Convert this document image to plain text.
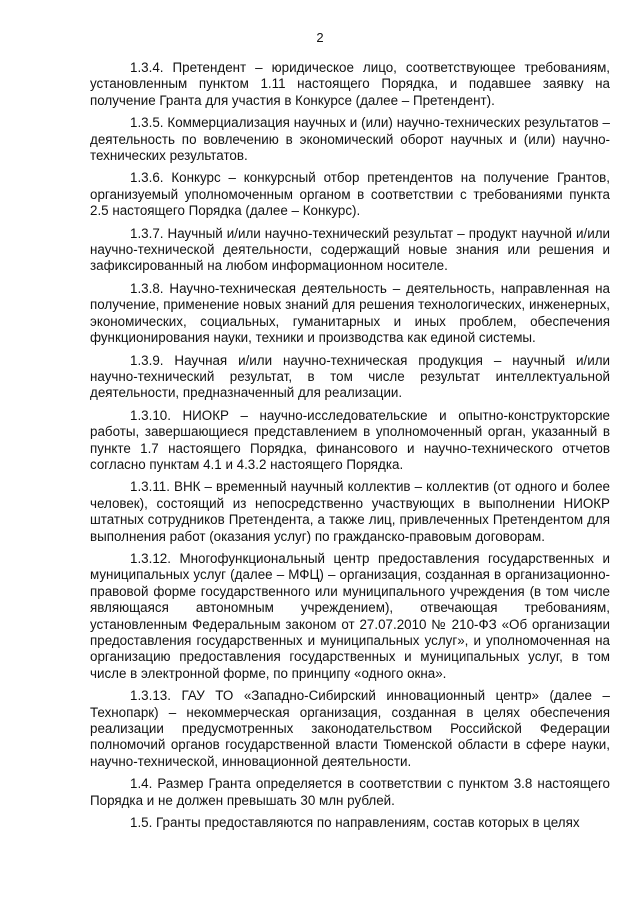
2

1.3.4. Претендент – юридическое лицо, соответствующее требованиям, установленным пунктом 1.11 настоящего Порядка, и подавшее заявку на получение Гранта для участия в Конкурсе (далее – Претендент).

1.3.5. Коммерциализация научных и (или) научно-технических результатов – деятельность по вовлечению в экономический оборот научных и (или) научно-технических результатов.

1.3.6. Конкурс – конкурсный отбор претендентов на получение Грантов, организуемый уполномоченным органом в соответствии с требованиями пункта 2.5 настоящего Порядка (далее – Конкурс).

1.3.7. Научный и/или научно-технический результат – продукт научной и/или научно-технической деятельности, содержащий новые знания или решения и зафиксированный на любом информационном носителе.

1.3.8. Научно-техническая деятельность – деятельность, направленная на получение, применение новых знаний для решения технологических, инженерных, экономических, социальных, гуманитарных и иных проблем, обеспечения функционирования науки, техники и производства как единой системы.

1.3.9. Научная и/или научно-техническая продукция – научный и/или научно-технический результат, в том числе результат интеллектуальной деятельности, предназначенный для реализации.

1.3.10. НИОКР – научно-исследовательские и опытно-конструкторские работы, завершающиеся представлением в уполномоченный орган, указанный в пункте 1.7 настоящего Порядка, финансового и научно-технического отчетов согласно пунктам 4.1 и 4.3.2 настоящего Порядка.

1.3.11. ВНК – временный научный коллектив – коллектив (от одного и более человек), состоящий из непосредственно участвующих в выполнении НИОКР штатных сотрудников Претендента, а также лиц, привлеченных Претендентом для выполнения работ (оказания услуг) по гражданско-правовым договорам.

1.3.12. Многофункциональный центр предоставления государственных и муниципальных услуг (далее – МФЦ) – организация, созданная в организационно-правовой форме государственного или муниципального учреждения (в том числе являющаяся автономным учреждением), отвечающая требованиям, установленным Федеральным законом от 27.07.2010 № 210-ФЗ «Об организации предоставления государственных и муниципальных услуг», и уполномоченная на организацию предоставления государственных и муниципальных услуг, в том числе в электронной форме, по принципу «одного окна».

1.3.13. ГАУ ТО «Западно-Сибирский инновационный центр» (далее – Технопарк) – некоммерческая организация, созданная в целях обеспечения реализации предусмотренных законодательством Российской Федерации полномочий органов государственной власти Тюменской области в сфере науки, научно-технической, инновационной деятельности.

1.4. Размер Гранта определяется в соответствии с пунктом 3.8 настоящего Порядка и не должен превышать 30 млн рублей.

1.5. Гранты предоставляются по направлениям, состав которых в целях
